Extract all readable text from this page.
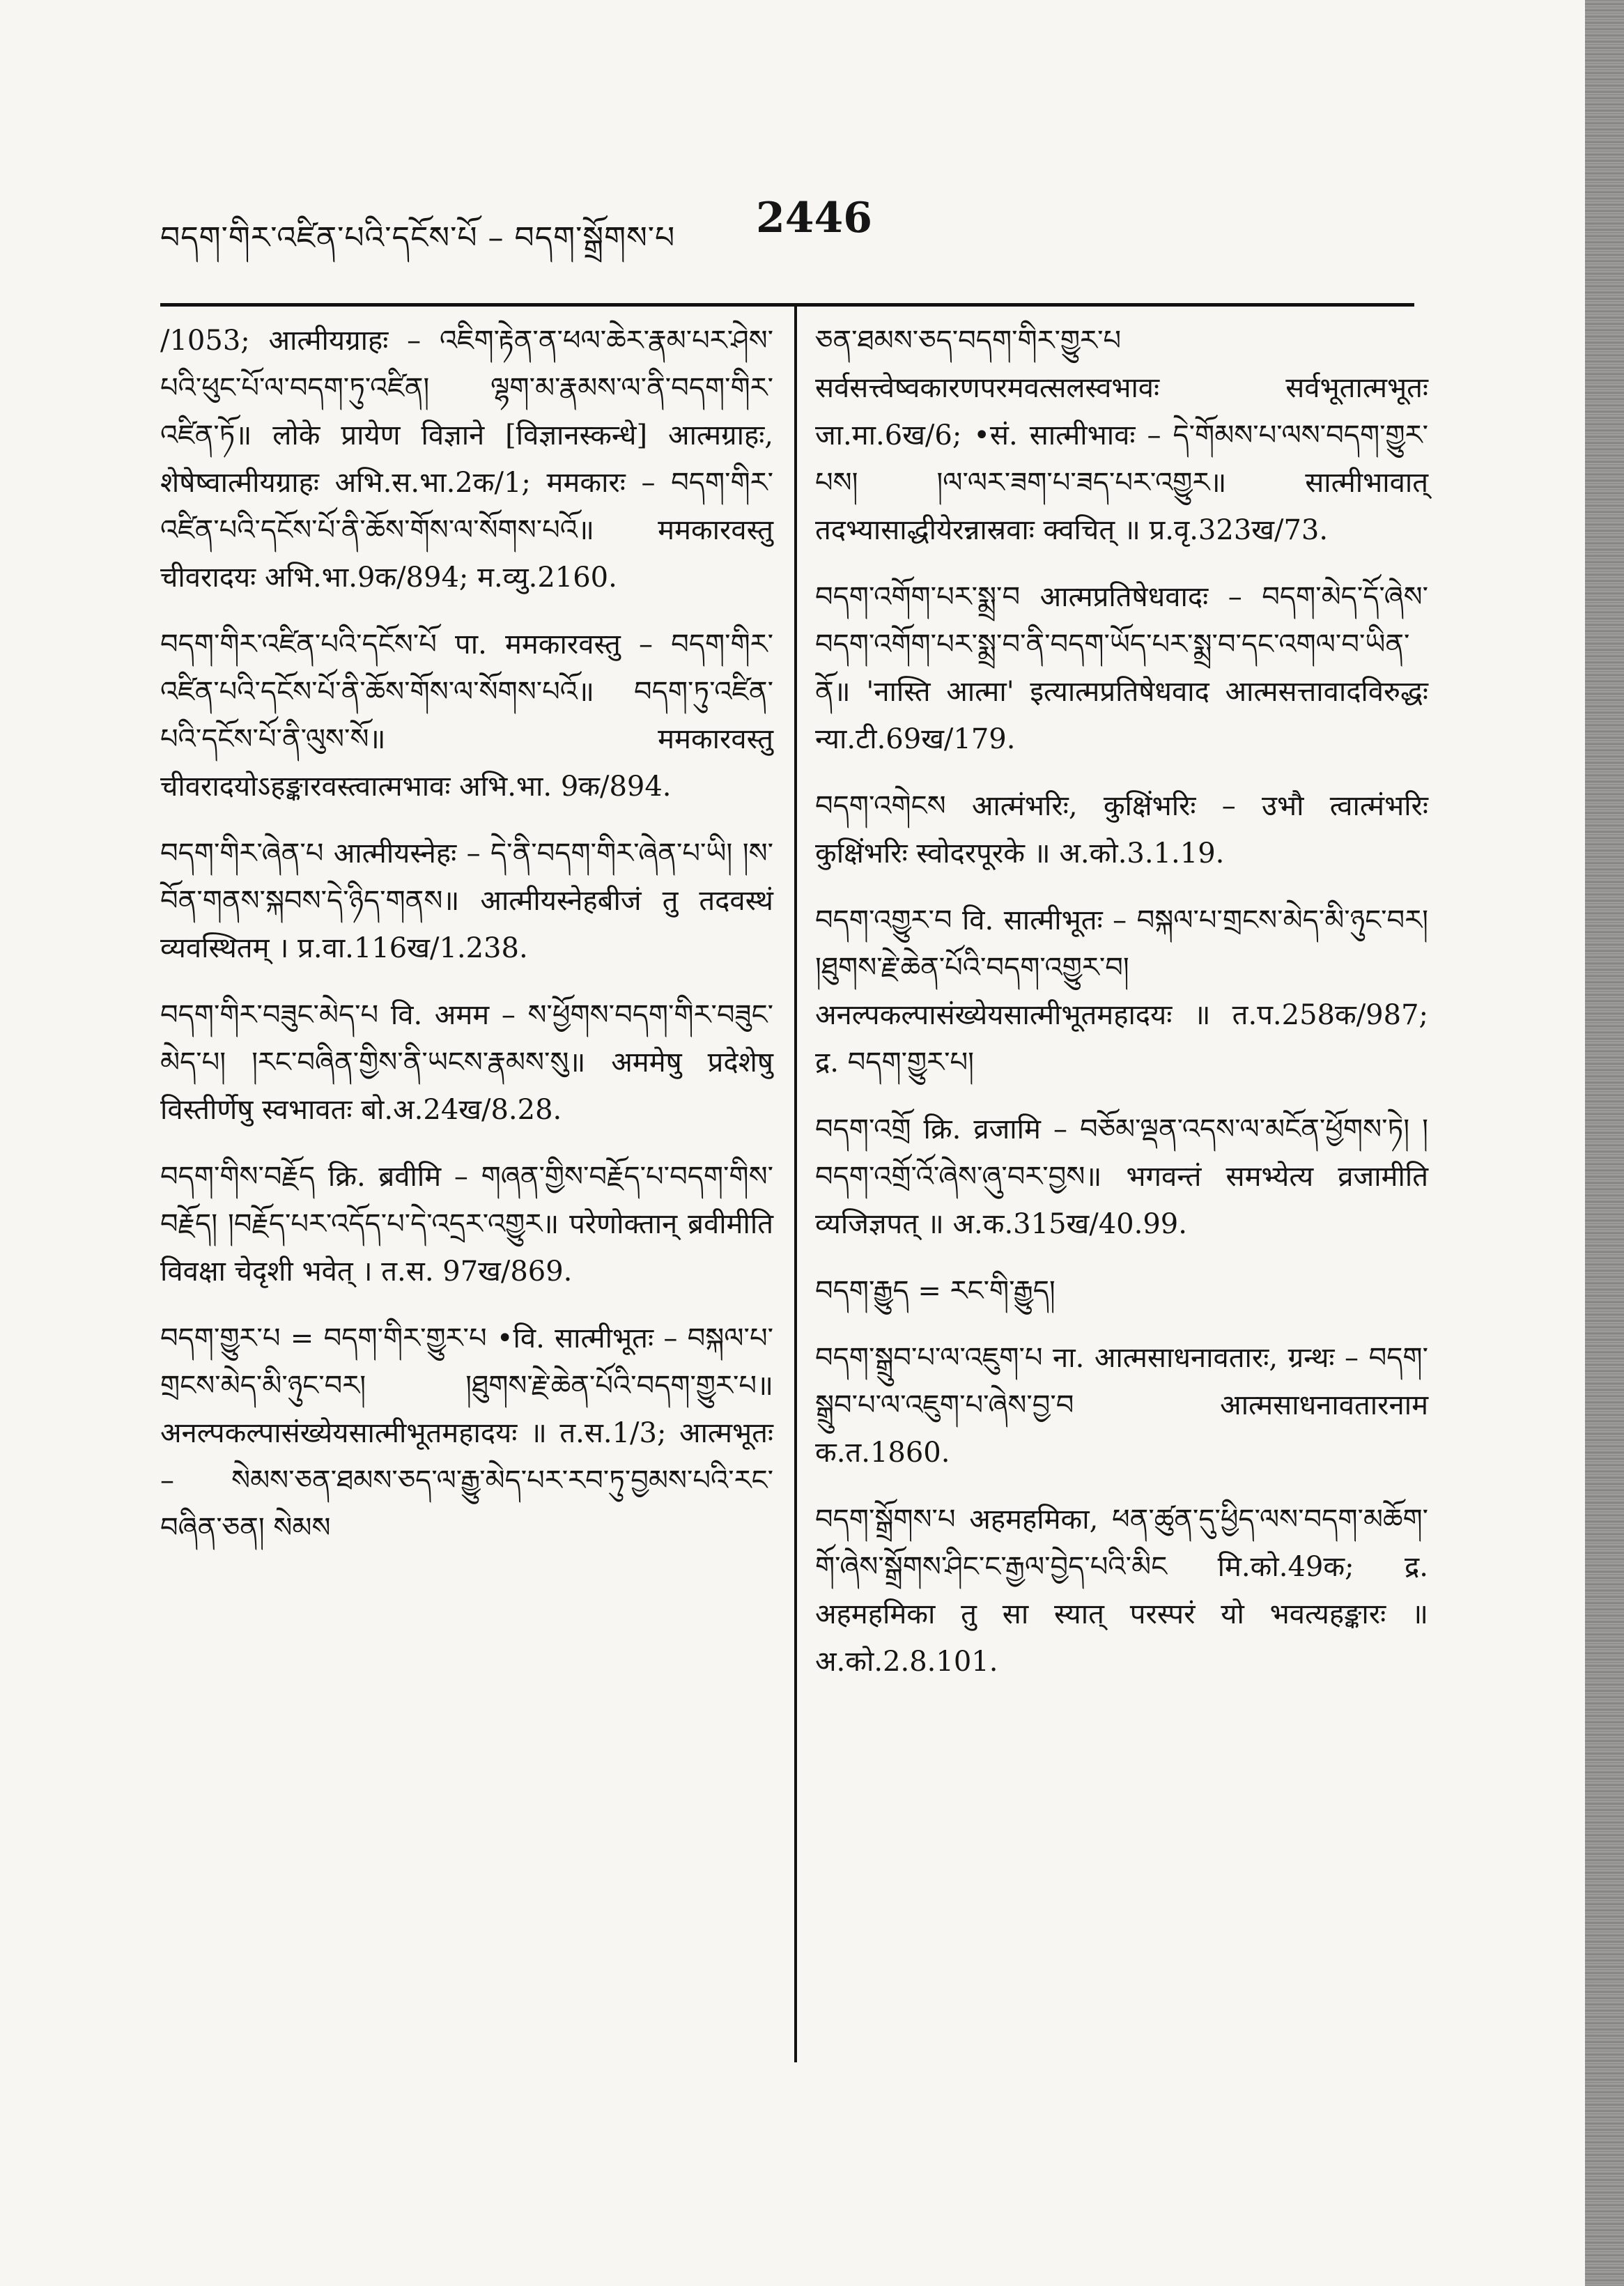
བདག་གིར་འཛིན་པའི་དངོས་པོ – བདག་སྒྲོགས་པ 2446

/1053; आत्मीयग्राहः – འཇིག་རྟེན་ན་ཕལ་ཆེར་རྣམ་པར་ཤེས་པའི་ཕུང་པོ་ལ་བདག་ཏུ་འཛིན། ལྷག་མ་རྣམས་ལ་ནི་བདག་གིར་འཛིན་ཏོ॥ लोके प्रायेण विज्ञाने [विज्ञानस्कन्धे] आत्मग्राहः, शेषेष्वात्मीयग्राहः अभि.स.भा.2क/1; ममकारः – བདག་གིར་འཛིན་པའི་དངོས་པོ་ནི་ཆོས་གོས་ལ་སོགས་པའོ॥ ममकारवस्तु चीवरादयः अभि.भा.9क/894; म.व्यु.2160.

བདག་གིར་འཛིན་པའི་དངོས་པོ पा. ममकारवस्तु – བདག་གིར་འཛིན་པའི་དངོས་པོ་ནི་ཆོས་གོས་ལ་སོགས་པའོ॥ བདག་ཏུ་འཛིན་པའི་དངོས་པོ་ནི་ལུས་སོ॥ ममकारवस्तु चीवरादयोऽहङ्कारवस्त्वात्मभावः अभि.भा. 9क/894.

བདག་གིར་ཞེན་པ आत्मीयस्नेहः – དེ་ནི་བདག་གིར་ཞེན་པ་ཡི། །ས་བོན་གནས་སྐབས་དེ་ཉིད་གནས॥ आत्मीयस्नेहबीजं तु तदवस्थं व्यवस्थितम् । प्र.वा.116ख/1.238.

བདག་གིར་བཟུང་མེད་པ वि. अमम – ས་ཕྱོགས་བདག་གིར་བཟུང་མེད་པ། །རང་བཞིན་གྱིས་ནི་ཡངས་རྣམས་སུ॥ अममेषु प्रदेशेषु विस्तीर्णेषु स्वभावतः बो.अ.24ख/8.28.

བདག་གིས་བརྗོད क्रि. ब्रवीमि – གཞན་གྱིས་བརྗོད་པ་བདག་གིས་བརྗོད། །བརྗོད་པར་འདོད་པ་དེ་འདྲར་འགྱུར॥ परेणोक्तान् ब्रवीमीति विवक्षा चेदृशी भवेत् । त.स. 97ख/869.

བདག་གྱུར་པ = བདག་གིར་གྱུར་པ •वि. सात्मीभूतः – བསྐལ་པ་གྲངས་མེད་མི་ཉུང་བར། །ཐུགས་རྗེ་ཆེན་པོའི་བདག་གྱུར་པ॥ अनल्पकल्पासंख्येयसात्मीभूतमहादयः ॥ त.स.1/3; आत्मभूतः – སེམས་ཅན་ཐམས་ཅད་ལ་རྒྱུ་མེད་པར་རབ་ཏུ་བྱམས་པའི་རང་བཞིན་ཅན། སེམས

ཅན་ཐམས་ཅད་བདག་གིར་གྱུར་པ सर्वसत्त्वेष्वकारणपरमवत्सलस्वभावः सर्वभूतात्मभूतः जा.मा.6ख/6; •सं. सात्मीभावः – དེ་གོམས་པ་ལས་བདག་གྱུར་པས། །ལ་ལར་ཟག་པ་ཟད་པར་འགྱུར॥ सात्मीभावात् तदभ्यासाद्धीयेरन्नास्रवाः क्वचित् ॥ प्र.वृ.323ख/73.

བདག་འགོག་པར་སྨྲ་བ आत्मप्रतिषेधवादः – བདག་མེད་དོ་ཞེས་བདག་འགོག་པར་སྨྲ་བ་ནི་བདག་ཡོད་པར་སྨྲ་བ་དང་འགལ་བ་ཡིན་ནོ॥ 'नास्ति आत्मा' इत्यात्मप्रतिषेधवाद आत्मसत्तावादविरुद्धः न्या.टी.69ख/179.

བདག་འགེངས आत्मंभरिः, कुक्षिंभरिः – उभौ त्वात्मंभरिः कुक्षिंभरिः स्वोदरपूरके ॥ अ.को.3.1.19.

བདག་འགྱུར་བ वि. सात्मीभूतः – བསྐལ་པ་གྲངས་མེད་མི་ཉུང་བར། །ཐུགས་རྗེ་ཆེན་པོའི་བདག་འགྱུར་བ། अनल्पकल्पासंख्येयसात्मीभूतमहादयः ॥ त.प.258क/987; द्र. བདག་གྱུར་པ།

བདག་འགྲོ क्रि. व्रजामि – བཅོམ་ལྡན་འདས་ལ་མངོན་ཕྱོགས་ཏེ། །བདག་འགྲོ་འོ་ཞེས་ཞུ་བར་བྱས॥ भगवन्तं समभ्येत्य व्रजामीति व्यजिज्ञपत् ॥ अ.क.315ख/40.99.

བདག་རྒྱུད = རང་གི་རྒྱུད།

བདག་སྒྲུབ་པ་ལ་འཇུག་པ ना. आत्मसाधनावतारः, ग्रन्थः – བདག་སྒྲུབ་པ་ལ་འཇུག་པ་ཞེས་བྱ་བ आत्मसाधनावतारनाम क.त.1860.

བདག་སྒྲོགས་པ अहमहमिका, ཕན་ཚུན་དུ་ཕྱིད་ལས་བདག་མཆོག་གོ་ཞེས་སྒྲོགས་ཤིང་ང་རྒྱལ་བྱེད་པའི་མིང मि.को.49क; द्र. अहमहमिका तु सा स्यात् परस्परं यो भवत्यहङ्कारः ॥ अ.को.2.8.101.
